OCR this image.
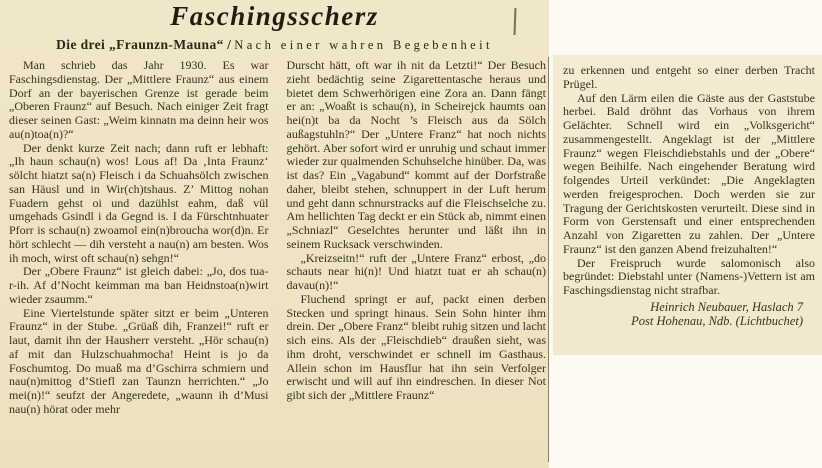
Faschingsscherz
Die drei „Fraunzn-Mauna“ / Nach einer wahren Begebenheit

Man schrieb das Jahr 1930. Es war Faschingsdienstag. Der „Mittlere Fraunz“ aus einem Dorf an der bayerischen Grenze ist gerade beim „Oberen Fraunz“ auf Besuch. Nach einiger Zeit fragt dieser seinen Gast: „Weim kinnatn ma deinn heir wos au(n)toa(n)?“

Der denkt kurze Zeit nach; dann ruft er lebhaft: „Ih haun schau(n) wos! Lous af! Da ‚Inta Fraunz‘ sölcht hiatzt sa(n) Fleisch i da Schuahsölch zwischen san Häusl und in Wir(ch)tshaus. Z’ Mittog nohan Fuadern gehst oi und dazühlst eahm, daß vül umgehads Gsindl i da Gegnd is. I da Fürschtnhuater Pforr is schau(n) zwoamol ein(n)broucha wor(d)n. Er hört schlecht — dih versteht a nau(n) am besten. Wos ih moch, wirst oft schau(n) sehgn!“

Der „Obere Fraunz“ ist gleich dabei: „Jo, dos tua-r-ih. Af d’Nocht keimman ma ban Heidnstoa(n)wirt wieder zsaumm.“

Eine Viertelstunde später sitzt er beim „Unteren Fraunz“ in der Stube. „Grüaß dih, Franzei!“ ruft er laut, damit ihn der Hausherr versteht. „Hör schau(n) af mit dan Hulzschuahmocha! Heint is jo da Foschumtog. Do muaß ma d’Gschirra schmiern und nau(n)mittog d’Stiefl zan Taunzn herrichten.“ „Jo mei(n)!“ seufzt der Angeredete, „waunn ih d’Musi nau(n) hörat oder mehr

Durscht hätt, oft war ih nit da Letzti!“ Der Besuch zieht bedächtig seine Zigarettentasche heraus und bietet dem Schwerhörigen eine Zora an. Dann fängt er an: „Woaßt is schau(n), in Scheirejck haumts oan hei(n)t ba da Nocht ’s Fleisch aus da Sölch außagstuhln?“ Der „Untere Franz“ hat noch nichts gehört. Aber sofort wird er unruhig und schaut immer wieder zur qualmenden Schuhselche hinüber. Da, was ist das? Ein „Vagabund“ kommt auf der Dorfstraße daher, bleibt stehen, schnuppert in der Luft herum und geht dann schnurstracks auf die Fleischselche zu. Am hellichten Tag deckt er ein Stück ab, nimmt einen „Schniazl“ Geselchtes herunter und läßt ihn in seinem Rucksack verschwinden.

„Kreizseitn!“ ruft der „Untere Franz“ erbost, „do schauts near hi(n)! Und hiatzt tuat er ah schau(n) davau(n)!“

Fluchend springt er auf, packt einen derben Stecken und springt hinaus. Sein Sohn hinter ihm drein. Der „Obere Franz“ bleibt ruhig sitzen und lacht sich eins. Als der „Fleischdieb“ draußen sieht, was ihm droht, verschwindet er schnell im Gasthaus. Allein schon im Hausflur hat ihn sein Verfolger erwischt und will auf ihn eindreschen. In dieser Not gibt sich der „Mittlere Fraunz“

zu erkennen und entgeht so einer derben Tracht Prügel.

Auf den Lärm eilen die Gäste aus der Gaststube herbei. Bald dröhnt das Vorhaus von ihrem Gelächter. Schnell wird ein „Volksgericht“ zusammengestellt. Angeklagt ist der „Mittlere Fraunz“ wegen Fleischdiebstahls und der „Obere“ wegen Beihilfe. Nach eingehender Beratung wird folgendes Urteil verkündet: „Die Angeklagten werden freigesprochen. Doch werden sie zur Tragung der Gerichtskosten verurteilt. Diese sind in Form von Gerstensaft und einer entsprechenden Anzahl von Zigaretten zu zahlen. Der „Untere Fraunz“ ist den ganzen Abend freizuhalten!“

Der Freispruch wurde salomonisch also begründet: Diebstahl unter (Namens-)Vettern ist am Faschingsdienstag nicht strafbar.

Heinrich Neubauer, Haslach 7
Post Hohenau, Ndb. (Lichtbuchet)
